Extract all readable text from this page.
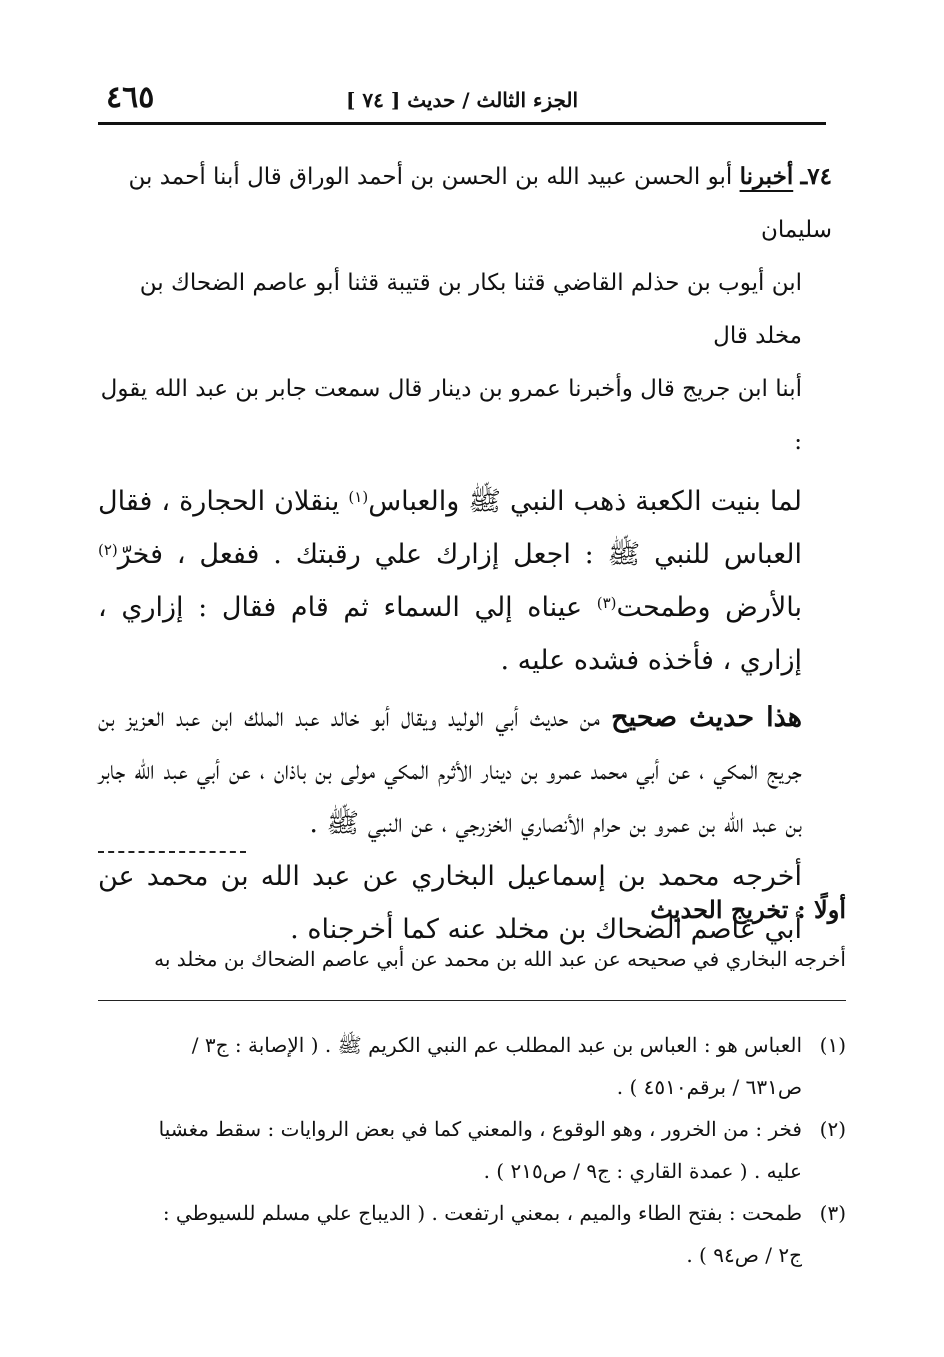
الجزء الثالث / حديث [ ٧٤ ]
٤٦٥

٧٤ـ أخبرنا أبو الحسن عبيد الله بن الحسن بن أحمد الوراق قال أبنا أحمد بن سليمان

ابن أيوب بن حذلم القاضي قثنا بكار بن قتيبة قثنا أبو عاصم الضحاك بن مخلد قال

أبنا ابن جريج قال وأخبرنا عمرو بن دينار قال سمعت جابر بن عبد الله يقول :

لما بنيت الكعبة ذهب النبي ﷺ والعباس$^{(١)}$ ينقلان الحجارة ، فقال العباس للنبي ﷺ : اجعل إزارك علي رقبتك . ففعل ، فخرّ$^{(٢)}$ بالأرض وطمحت$^{(٣)}$ عيناه إلي السماء ثم قام فقال : إزاري ، إزاري ، فأخذه فشده عليه .

هذا حديث صحيح من حديث أبي الوليد ويقال أبو خالد عبد الملك ابن عبد العزيز بن جريج المكي ، عن أبي محمد عمرو بن دينار الأثرم المكي مولى بن باذان ، عن أبي عبد الله جابر بن عبد الله بن عمرو بن حرام الأنصاري الخزرجي ، عن النبي ﷺ .

أخرجه محمد بن إسماعيل البخاري عن عبد الله بن محمد عن أبي عاصم الضحاك بن مخلد عنه كما أخرجناه .

أولًا : تخريج الحديث

أخرجه البخاري في صحيحه عن عبد الله بن محمد عن أبي عاصم الضحاك بن مخلد به

(١)

العباس هو : العباس بن عبد المطلب عم النبي الكريم ﷺ . ( الإصابة : ج٣ /

ص٦٣١ / برقم٤٥١٠ ) .

(٢)

فخر : من الخرور ، وهو الوقوع ، والمعني كما في بعض الروايات : سقط مغشيا

عليه . ( عمدة القاري : ج٩ / ص٢١٥ ) .

(٣)

طمحت : بفتح الطاء والميم ، بمعني ارتفعت . ( الديباج علي مسلم للسيوطي :

ج٢ / ص٩٤ ) .
